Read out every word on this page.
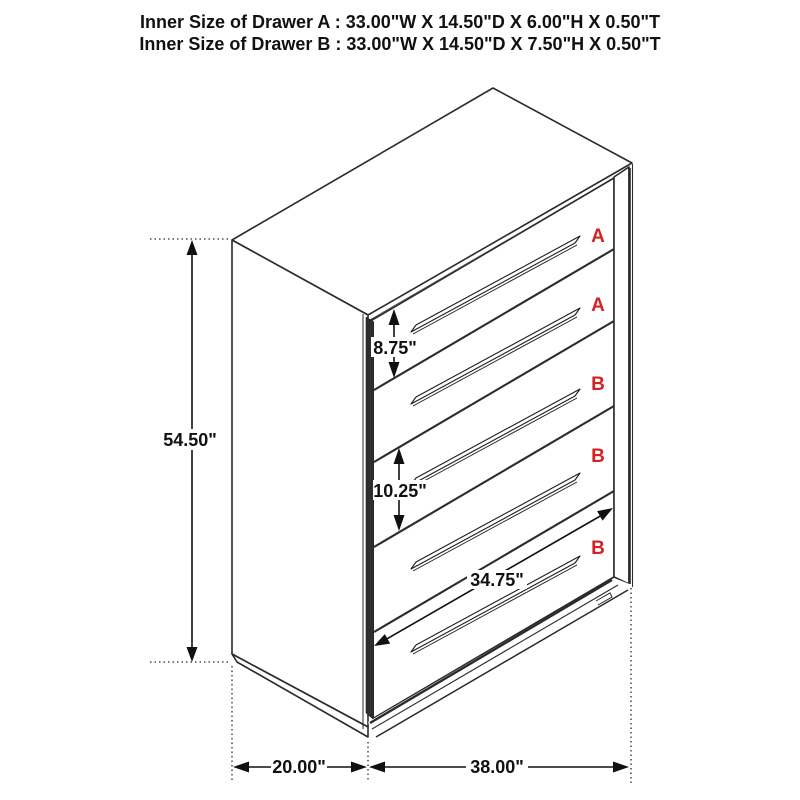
Inner Size of Drawer A : 33.00"W X 14.50"D X 6.00"H X 0.50"T
Inner Size of Drawer B : 33.00"W X 14.50"D X 7.50"H X 0.50"T
A
A
B
B
B
54.50"
8.75"
10.25"
34.75"
20.00"	38.00"
